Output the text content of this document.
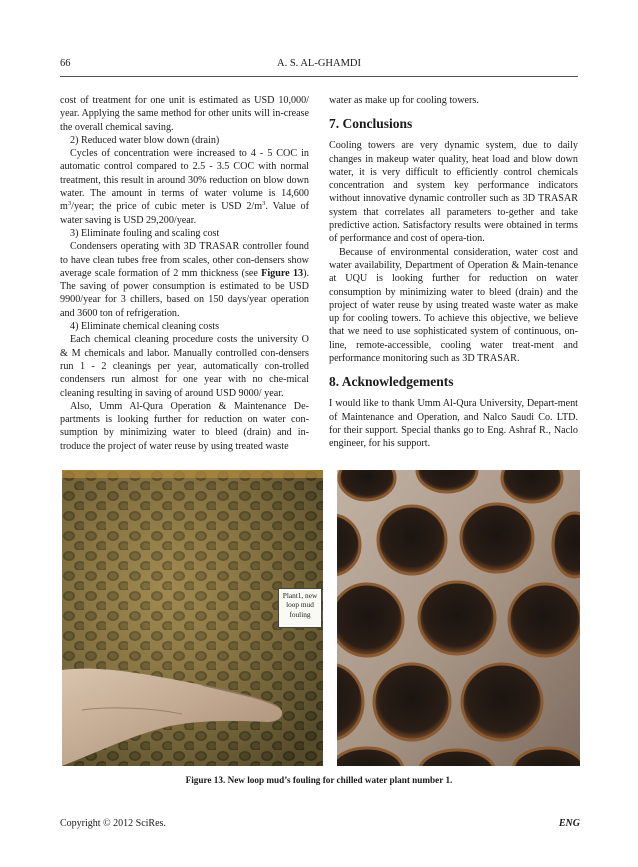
66	A. S. AL-GHAMDI

cost of treatment for one unit is estimated as USD 10,000/ year. Applying the same method for other units will in-crease the overall chemical saving.

2) Reduced water blow down (drain)

Cycles of concentration were increased to 4 - 5 COC in automatic control compared to 2.5 - 3.5 COC with normal treatment, this result in around 30% reduction on blow down water. The amount in terms of water volume is 14,600 $m^3$/year; the price of cubic meter is USD $2/m^3$. Value of water saving is USD 29,200/year.

3) Eliminate fouling and scaling cost

Condensers operating with 3D TRASAR controller found to have clean tubes free from scales, other con-densers show average scale formation of 2 mm thickness (see Figure 13). The saving of power consumption is estimated to be USD 9900/year for 3 chillers, based on 150 days/year operation and 3600 ton of refrigeration.

4) Eliminate chemical cleaning costs

Each chemical cleaning procedure costs the university O & M chemicals and labor. Manually controlled con-densers run 1 - 2 cleanings per year, automatically con-trolled condensers run almost for one year with no che-mical cleaning resulting in saving of around USD 9000/ year.

Also, Umm Al-Qura Operation & Maintenance De-partments is looking further for reduction on water con-sumption by minimizing water to bleed (drain) and in-troduce the project of water reuse by using treated waste

water as make up for cooling towers.

7. Conclusions

Cooling towers are very dynamic system, due to daily changes in makeup water quality, heat load and blow down water, it is very difficult to efficiently control chemicals concentration and system key performance indicators without innovative dynamic controller such as 3D TRASAR system that correlates all parameters to-gether and take predictive action. Satisfactory results were obtained in terms of performance and cost of opera-tion.

Because of environmental consideration, water cost and water availability, Department of Operation & Main-tenance at UQU is looking further for reduction on water consumption by minimizing water to bleed (drain) and the project of water reuse by using treated waste water as make up for cooling towers. To achieve this objective, we believe that we need to use sophisticated system of continuous, on-line, remote-accessible, cooling water treat-ment and performance monitoring such as 3D TRASAR.

8. Acknowledgements

I would like to thank Umm Al-Qura University, Depart-ment of Maintenance and Operation, and Nalco Saudi Co. LTD. for their support. Special thanks go to Eng. Ashraf R., Naclo engineer, for his support.

Plant1, new loop mud fouling
Figure 13. New loop mud’s fouling for chilled water plant number 1.
Copyright © 2012 SciRes.	ENG
